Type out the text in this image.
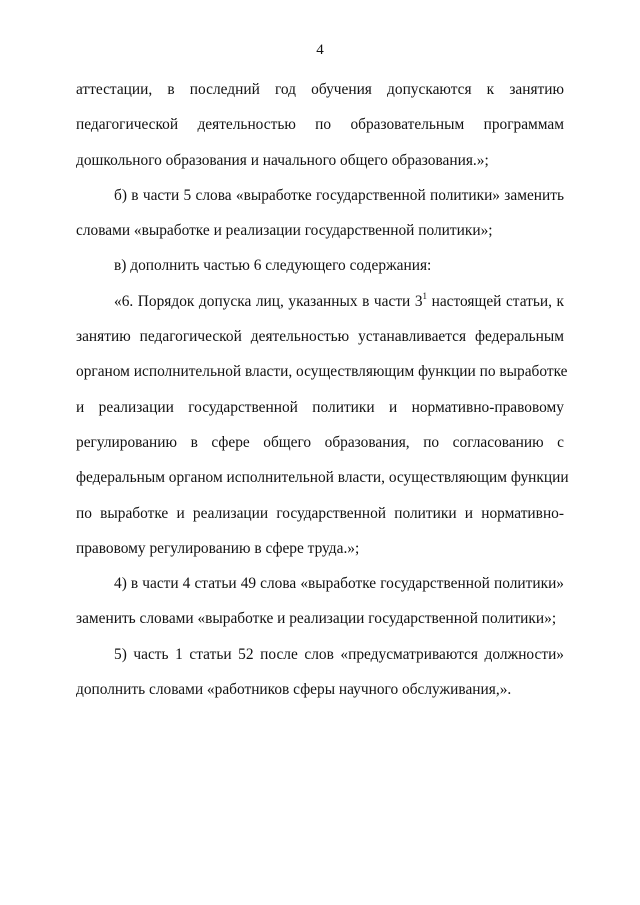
4
аттестации, в последний год обучения допускаются к занятию
педагогической деятельностью по образовательным программам
дошкольного образования и начального общего образования.»;
б) в части 5 слова «выработке государственной политики» заменить
словами «выработке и реализации государственной политики»;
в) дополнить частью 6 следующего содержания:
«6. Порядок допуска лиц, указанных в части $3^1$ настоящей статьи, к
занятию педагогической деятельностью устанавливается федеральным
органом исполнительной власти, осуществляющим функции по выработке
и реализации государственной политики и нормативно-правовому
регулированию в сфере общего образования, по согласованию с
федеральным органом исполнительной власти, осуществляющим функции
по выработке и реализации государственной политики и нормативно-
правовому регулированию в сфере труда.»;
4) в части 4 статьи 49 слова «выработке государственной политики»
заменить словами «выработке и реализации государственной политики»;
5) часть 1 статьи 52 после слов «предусматриваются должности»
дополнить словами «работников сферы научного обслуживания,».
